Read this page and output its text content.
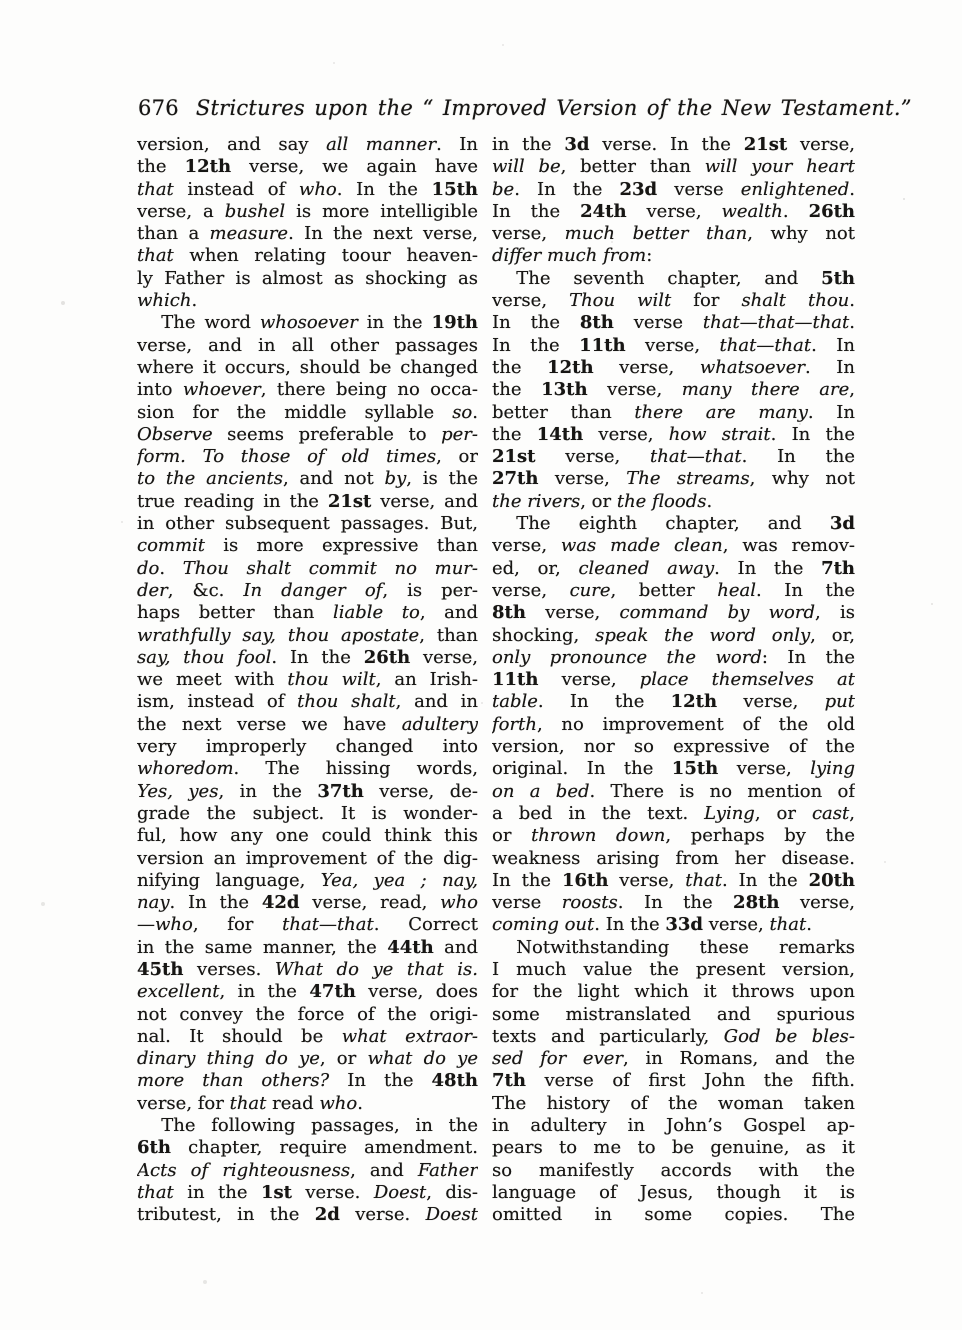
676 Strictures upon the “ Improved Version of the New Testament.”
version, and say all manner. In
the 12th verse, we again have
that instead of who. In the 15th
verse, a bushel is more intelligible
than a measure. In the next verse,
that when relating toour heaven-
ly Father is almost as shocking as
which.
The word whosoever in the 19th
verse, and in all other passages
where it occurs, should be changed
into whoever, there being no occa-
sion for the middle syllable so.
Observe seems preferable to per-
form. To those of old times, or
to the ancients, and not by, is the
true reading in the 21st verse, and
in other subsequent passages. But,
commit is more expressive than
do. Thou shalt commit no mur-
der, &c. In danger of, is per-
haps better than liable to, and
wrathfully say, thou apostate, than
say, thou fool. In the 26th verse,
we meet with thou wilt, an Irish-
ism, instead of thou shalt, and in
the next verse we have adultery
very improperly changed into
whoredom. The hissing words,
Yes, yes, in the 37th verse, de-
grade the subject. It is wonder-
ful, how any one could think this
version an improvement of the dig-
nifying language, Yea, yea ; nay,
nay. In the 42d verse, read, who
—who, for that—that. Correct
in the same manner, the 44th and
45th verses. What do ye that is.
excellent, in the 47th verse, does
not convey the force of the origi-
nal. It should be what extraor-
dinary thing do ye, or what do ye
more than others? In the 48th
verse, for that read who.
The following passages, in the
6th chapter, require amendment.
Acts of righteousness, and Father
that in the 1st verse. Doest, dis-
tributest, in the 2d verse. Doest
in the 3d verse. In the 21st verse,
will be, better than will your heart
be. In the 23d verse enlightened.
In the 24th verse, wealth. 26th
verse, much better than, why not
differ much from:
The seventh chapter, and 5th
verse, Thou wilt for shalt thou.
In the 8th verse that—that—that.
In the 11th verse, that—that. In
the 12th verse, whatsoever. In
the 13th verse, many there are,
better than there are many. In
the 14th verse, how strait. In the
21st verse, that—that. In the
27th verse, The streams, why not
the rivers, or the floods.
The eighth chapter, and 3d
verse, was made clean, was remov-
ed, or, cleaned away. In the 7th
verse, cure, better heal. In the
8th verse, command by word, is
shocking, speak the word only, or,
only pronounce the word: In the
11th verse, place themselves at
table. In the 12th verse, put
forth, no improvement of the old
version, nor so expressive of the
original. In the 15th verse, lying
on a bed. There is no mention of
a bed in the text. Lying, or cast,
or thrown down, perhaps by the
weakness arising from her disease.
In the 16th verse, that. In the 20th
verse roosts. In the 28th verse,
coming out. In the 33d verse, that.
Notwithstanding these remarks
I much value the present version,
for the light which it throws upon
some mistranslated and spurious
texts and particularly, God be bles-
sed for ever, in Romans, and the
7th verse of first John the fifth.
The history of the woman taken
in adultery in John’s Gospel ap-
pears to me to be genuine, as it
so manifestly accords with the
language of Jesus, though it is
omitted in some copies. The
